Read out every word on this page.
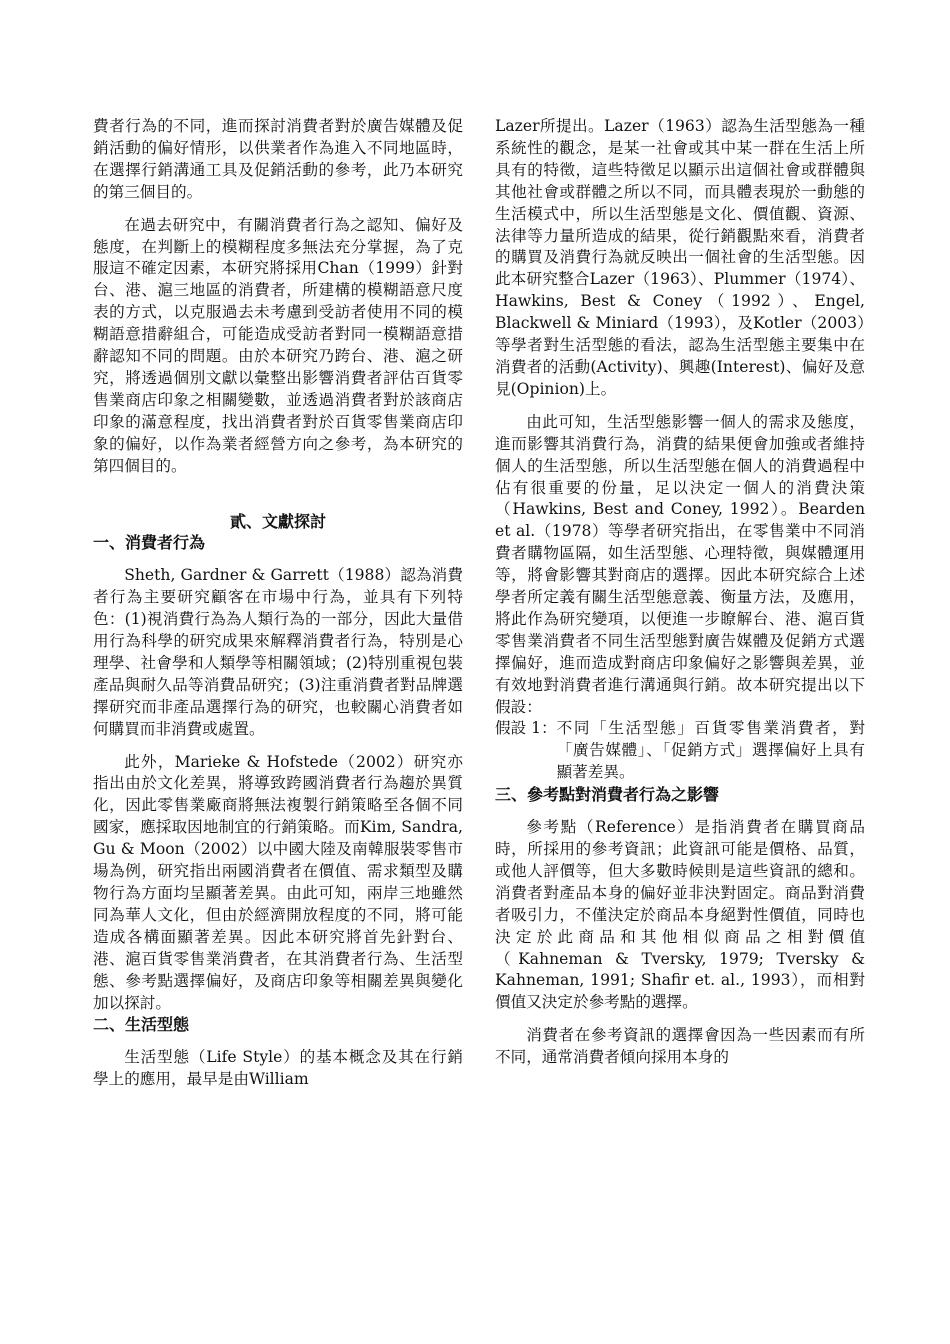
費者行為的不同，進而探討消費者對於廣告媒體及促銷活動的偏好情形，以供業者作為進入不同地區時，在選擇行銷溝通工具及促銷活動的參考，此乃本研究的第三個目的。

在過去研究中，有關消費者行為之認知、偏好及態度，在判斷上的模糊程度多無法充分掌握，為了克服這不確定因素，本研究將採用Chan（1999）針對台、港、滬三地區的消費者，所建構的模糊語意尺度表的方式，以克服過去未考慮到受訪者使用不同的模糊語意措辭組合，可能造成受訪者對同一模糊語意措辭認知不同的問題。由於本研究乃跨台、港、滬之研究，將透過個別文獻以彙整出影響消費者評估百貨零售業商店印象之相關變數，並透過消費者對於該商店印象的滿意程度，找出消費者對於百貨零售業商店印象的偏好，以作為業者經營方向之參考，為本研究的第四個目的。

貳、文獻探討
一、消費者行為

Sheth, Gardner & Garrett（1988）認為消費者行為主要研究顧客在市場中行為，並具有下列特色：(1)視消費行為為人類行為的一部分，因此大量借用行為科學的研究成果來解釋消費者行為，特別是心理學、社會學和人類學等相關領域；(2)特別重視包裝產品與耐久品等消費品研究；(3)注重消費者對品牌選擇研究而非產品選擇行為的研究，也較關心消費者如何購買而非消費或處置。

此外，Marieke & Hofstede（2002）研究亦指出由於文化差異，將導致跨國消費者行為趨於異質化，因此零售業廠商將無法複製行銷策略至各個不同國家，應採取因地制宜的行銷策略。而Kim, Sandra, Gu & Moon（2002）以中國大陸及南韓服裝零售市場為例，研究指出兩國消費者在價值、需求類型及購物行為方面均呈顯著差異。由此可知，兩岸三地雖然同為華人文化，但由於經濟開放程度的不同，將可能造成各構面顯著差異。因此本研究將首先針對台、港、滬百貨零售業消費者，在其消費者行為、生活型態、參考點選擇偏好，及商店印象等相關差異與變化加以探討。

二、生活型態

生活型態（Life Style）的基本概念及其在行銷學上的應用，最早是由William

Lazer所提出。Lazer（1963）認為生活型態為一種系統性的觀念，是某一社會或其中某一群在生活上所具有的特徵，這些特徵足以顯示出這個社會或群體與其他社會或群體之所以不同，而具體表現於一動態的生活模式中，所以生活型態是文化、價值觀、資源、法律等力量所造成的結果，從行銷觀點來看，消費者的購買及消費行為就反映出一個社會的生活型態。因此本研究整合Lazer（1963）、Plummer（1974）、Hawkins, Best & Coney（1992）、Engel, Blackwell & Miniard（1993），及Kotler（2003）等學者對生活型態的看法，認為生活型態主要集中在消費者的活動(Activity)、興趣(Interest)、偏好及意見(Opinion)上。

由此可知，生活型態影響一個人的需求及態度，進而影響其消費行為，消費的結果便會加強或者維持個人的生活型態，所以生活型態在個人的消費過程中佔有很重要的份量，足以決定一個人的消費決策（Hawkins, Best and Coney, 1992）。Bearden et al.（1978）等學者研究指出，在零售業中不同消費者購物區隔，如生活型態、心理特徵，與媒體運用等，將會影響其對商店的選擇。因此本研究綜合上述學者所定義有關生活型態意義、衡量方法，及應用，將此作為研究變項，以便進一步瞭解台、港、滬百貨零售業消費者不同生活型態對廣告媒體及促銷方式選擇偏好，進而造成對商店印象偏好之影響與差異，並有效地對消費者進行溝通與行銷。故本研究提出以下假設：

假設 1： 不同「生活型態」百貨零售業消費者，對「廣告媒體」、「促銷方式」選擇偏好上具有顯著差異。
三、參考點對消費者行為之影響

參考點（Reference）是指消費者在購買商品時，所採用的參考資訊；此資訊可能是價格、品質，或他人評價等，但大多數時候則是這些資訊的總和。消費者對產品本身的偏好並非決對固定。商品對消費者吸引力，不僅決定於商品本身絕對性價值，同時也決定於此商品和其他相似商品之相對價值（Kahneman & Tversky, 1979; Tversky & Kahneman, 1991; Shafir et. al., 1993），而相對價值又決定於參考點的選擇。

消費者在參考資訊的選擇會因為一些因素而有所不同，通常消費者傾向採用本身的
